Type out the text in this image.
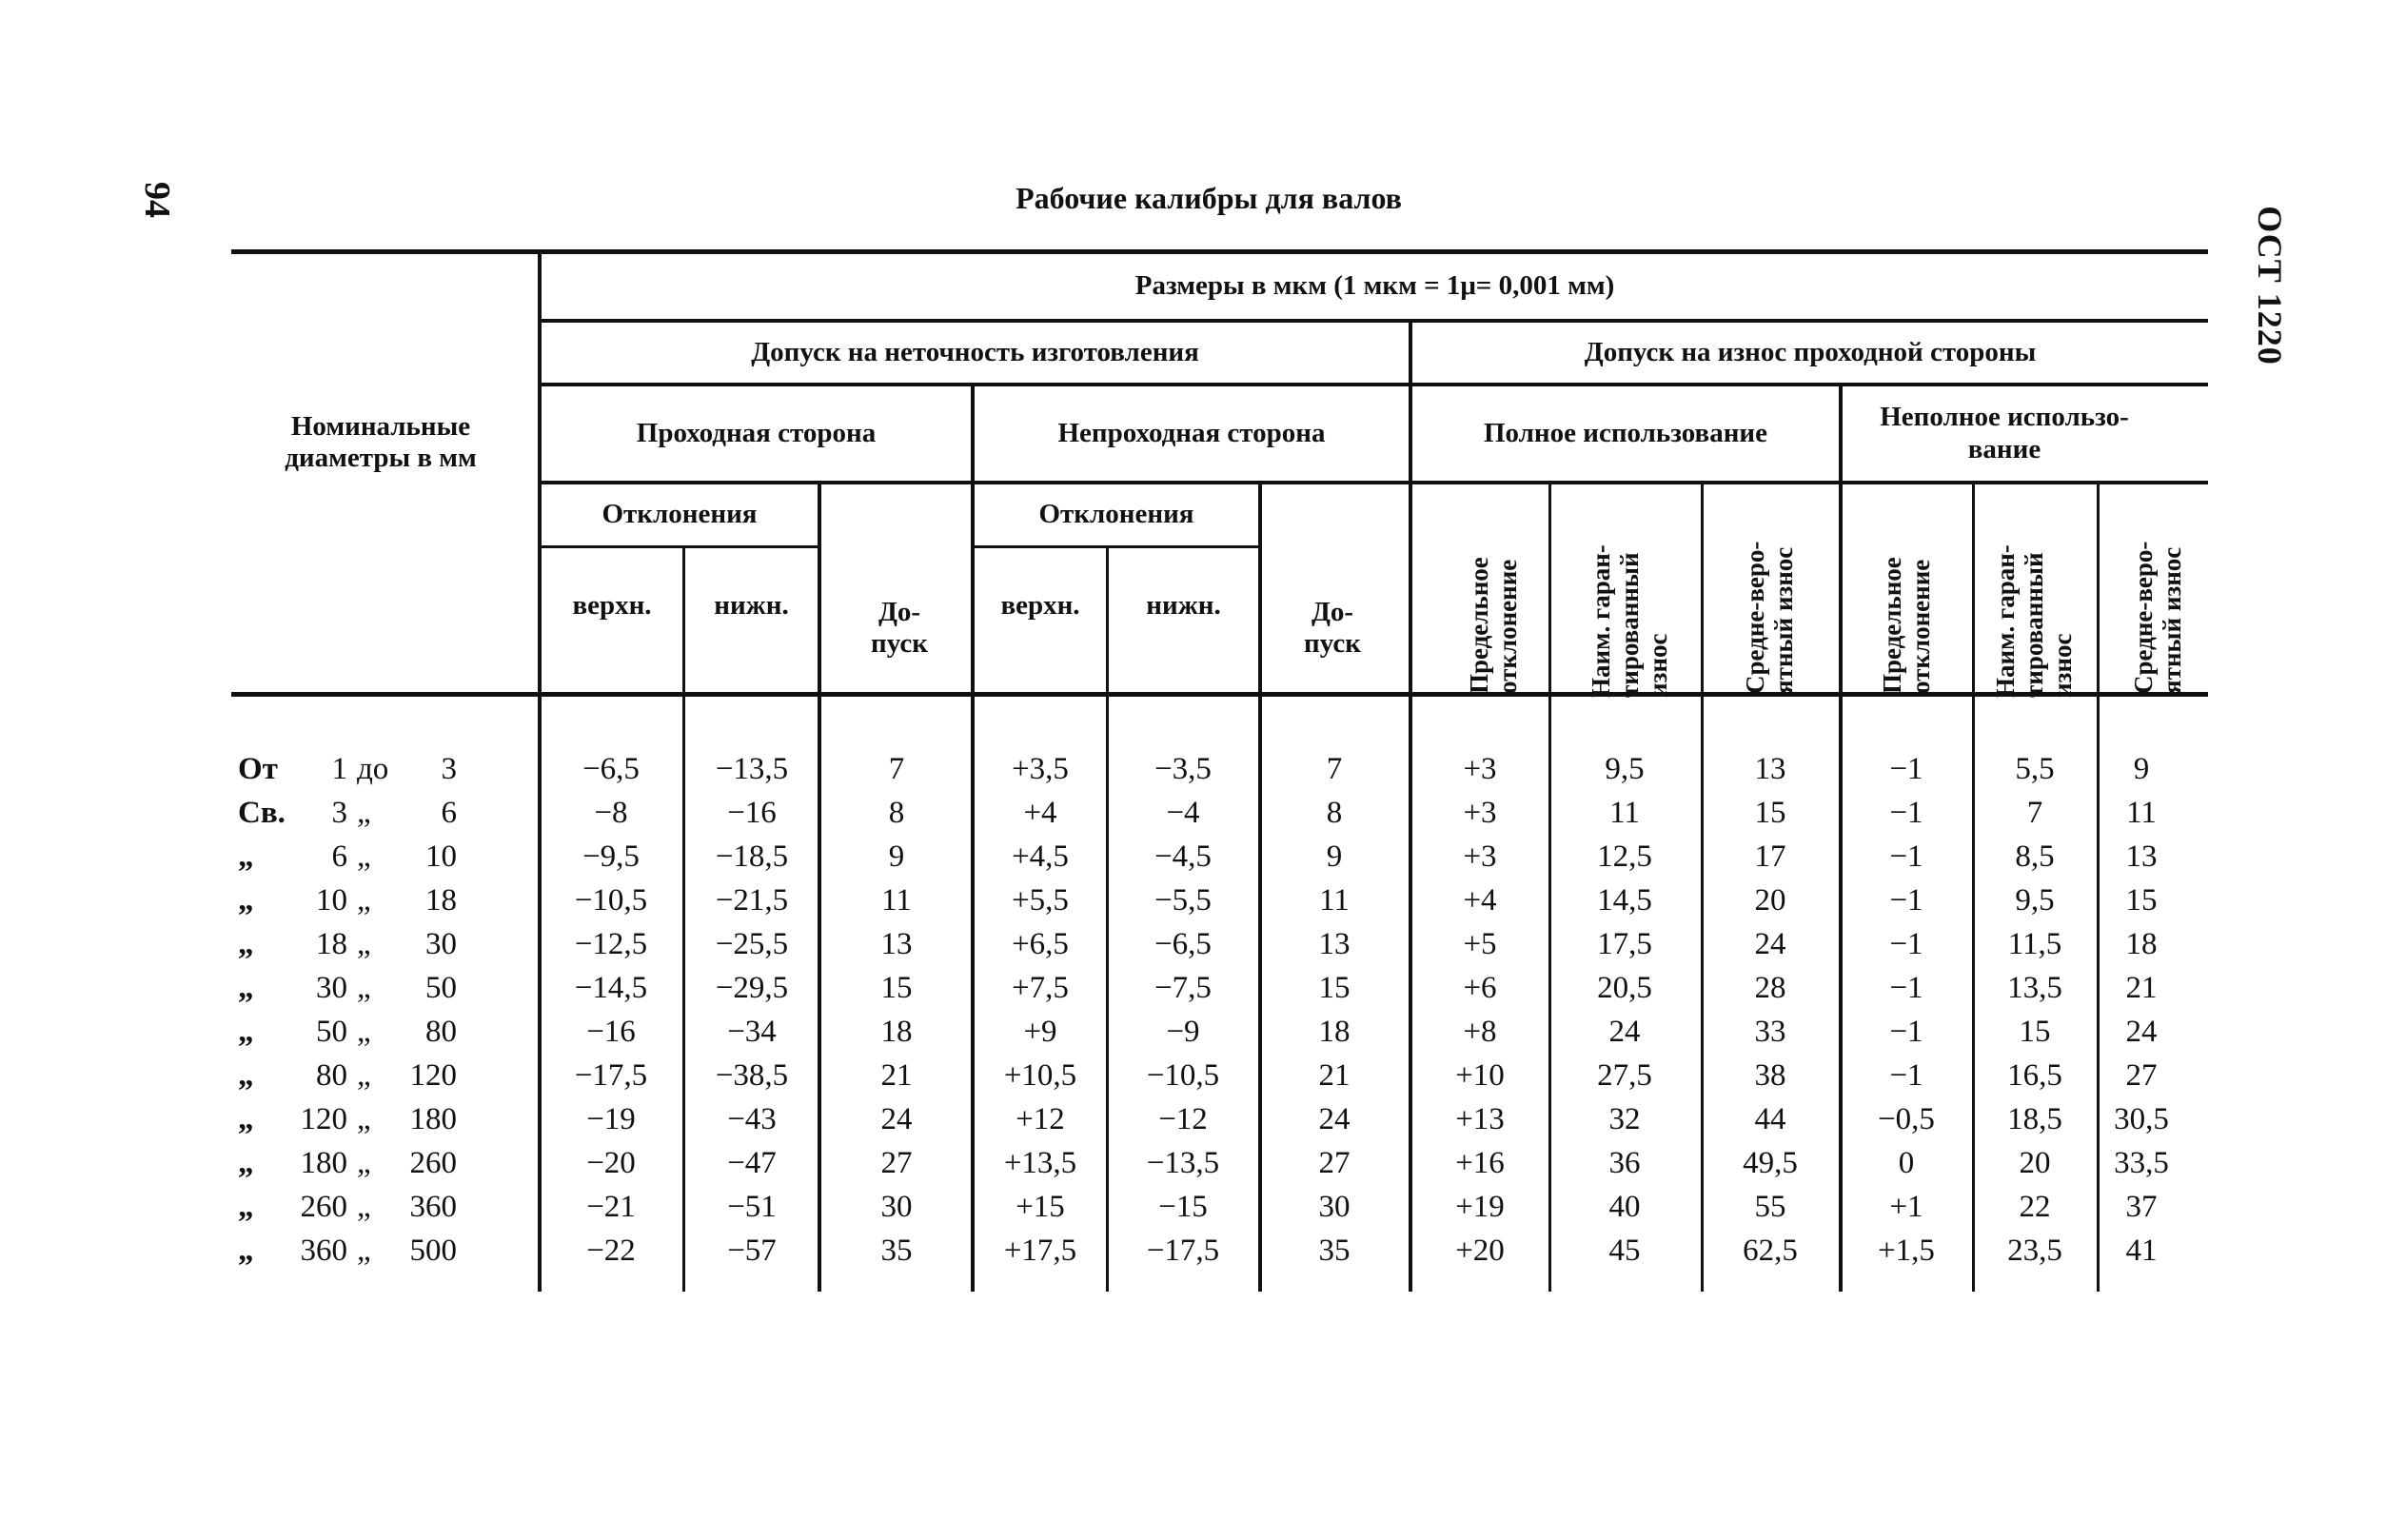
94	Рабочие калибры для валов
ОСТ 1220
Номинальные диаметры в мм
Размеры в мкм (1 мкм = 1μ= 0,001 мм)
Допуск на неточность изготовления	Допуск на износ проходной стороны
Проходная сторона	Непроходная сторона	Полное использование
Неполное использо-вание
Отклонения	Отклонения
верхн.	нижн.	До-пуск
верхн.	нижн.	До-пуск	Предельное отклонение	Наим. гаран-тированный износ	Средне-веро-ятный износ	Предельное отклонение	Наим. гаран-тированный износ	Средне-веро-ятный износ
От	1 до	3	−6,5	−13,5	7	+3,5	−3,5	7	+3	9,5	13	−1	5,5	9
Св.	3 „	6	−8	−16	8	+4	−4	8	+3	11	15	−1	7	11
„	6 „	10	−9,5	−18,5	9	+4,5	−4,5	9	+3	12,5	17	−1	8,5	13
„	10 „	18	−10,5	−21,5	11	+5,5	−5,5	11	+4	14,5	20	−1	9,5	15
„	18 „	30	−12,5	−25,5	13	+6,5	−6,5	13	+5	17,5	24	−1	11,5	18
„	30 „	50	−14,5	−29,5	15	+7,5	−7,5	15	+6	20,5	28	−1	13,5	21
„	50 „	80	−16	−34	18	+9	−9	18	+8	24	33	−1	15	24
„	80 „	120	−17,5	−38,5	21	+10,5	−10,5	21	+10	27,5	38	−1	16,5	27
„	120 „	180	−19	−43	24	+12	−12	24	+13	32	44	−0,5	18,5	30,5
„	180 „	260	−20	−47	27	+13,5	−13,5	27	+16	36	49,5	0	20	33,5
„	260 „	360	−21	−51	30	+15	−15	30	+19	40	55	+1	22	37
„	360 „	500	−22	−57	35	+17,5	−17,5	35	+20	45	62,5	+1,5	23,5	41
